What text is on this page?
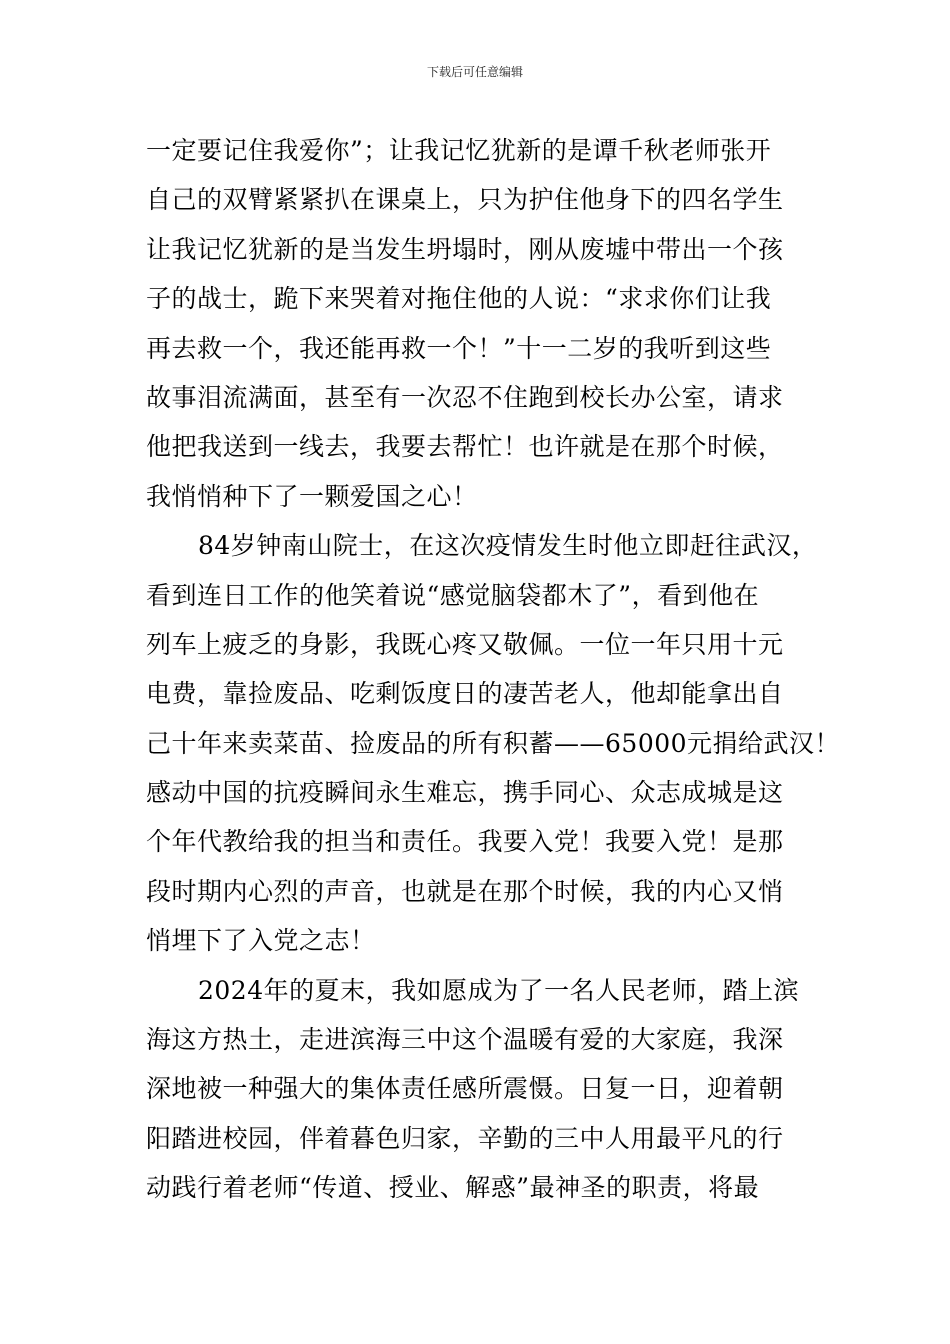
下载后可任意编辑
一定要记住我爱你”；让我记忆犹新的是谭千秋老师张开
自己的双臂紧紧扒在课桌上，只为护住他身下的四名学生
让我记忆犹新的是当发生坍塌时，刚从废墟中带出一个孩
子的战士，跪下来哭着对拖住他的人说：“求求你们让我
再去救一个，我还能再救一个！”十一二岁的我听到这些
故事泪流满面，甚至有一次忍不住跑到校长办公室，请求
他把我送到一线去，我要去帮忙！也许就是在那个时候，
我悄悄种下了一颗爱国之心！
84岁钟南山院士，在这次疫情发生时他立即赶往武汉，
看到连日工作的他笑着说“感觉脑袋都木了”，看到他在
列车上疲乏的身影，我既心疼又敬佩。一位一年只用十元
电费，靠捡废品、吃剩饭度日的凄苦老人，他却能拿出自
己十年来卖菜苗、捡废品的所有积蓄——65000元捐给武汉！
感动中国的抗疫瞬间永生难忘，携手同心、众志成城是这
个年代教给我的担当和责任。我要入党！我要入党！是那
段时期内心烈的声音，也就是在那个时候，我的内心又悄
悄埋下了入党之志！
2024年的夏末，我如愿成为了一名人民老师，踏上滨
海这方热土，走进滨海三中这个温暖有爱的大家庭，我深
深地被一种强大的集体责任感所震慑。日复一日，迎着朝
阳踏进校园，伴着暮色归家，辛勤的三中人用最平凡的行
动践行着老师“传道、授业、解惑”最神圣的职责，将最
